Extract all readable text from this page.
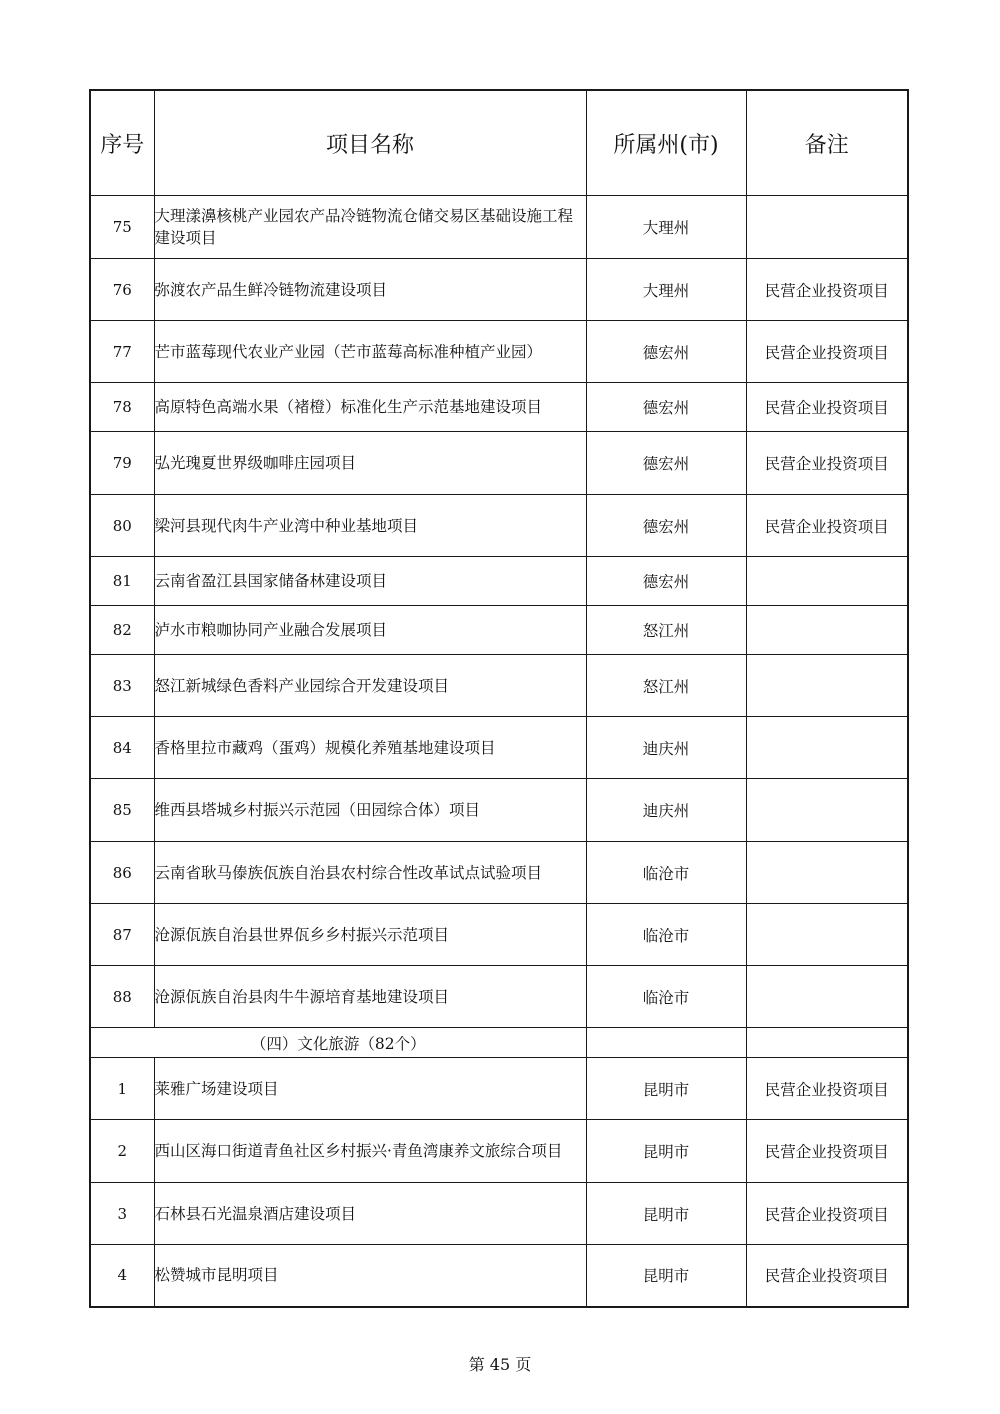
序号	项目名称	所属州(市)	备注
75	大理漾濞核桃产业园农产品冷链物流仓储交易区基础设施工程建设项目	大理州	
76	弥渡农产品生鲜冷链物流建设项目	大理州	民营企业投资项目
77	芒市蓝莓现代农业产业园（芒市蓝莓高标准种植产业园）	德宏州	民营企业投资项目
78	高原特色高端水果（褚橙）标准化生产示范基地建设项目	德宏州	民营企业投资项目
79	弘光瑰夏世界级咖啡庄园项目	德宏州	民营企业投资项目
80	梁河县现代肉牛产业湾中种业基地项目	德宏州	民营企业投资项目
81	云南省盈江县国家储备林建设项目	德宏州	
82	泸水市粮咖协同产业融合发展项目	怒江州	
83	怒江新城绿色香料产业园综合开发建设项目	怒江州	
84	香格里拉市藏鸡（蛋鸡）规模化养殖基地建设项目	迪庆州	
85	维西县塔城乡村振兴示范园（田园综合体）项目	迪庆州	
86	云南省耿马傣族佤族自治县农村综合性改革试点试验项目	临沧市	
87	沧源佤族自治县世界佤乡乡村振兴示范项目	临沧市	
88	沧源佤族自治县肉牛牛源培育基地建设项目	临沧市	
（四）文化旅游（82个）			
1	莱雅广场建设项目	昆明市	民营企业投资项目
2	西山区海口街道青鱼社区乡村振兴·青鱼湾康养文旅综合项目	昆明市	民营企业投资项目
3	石林县石光温泉酒店建设项目	昆明市	民营企业投资项目
4	松赞城市昆明项目	昆明市	民营企业投资项目
第 45 页
